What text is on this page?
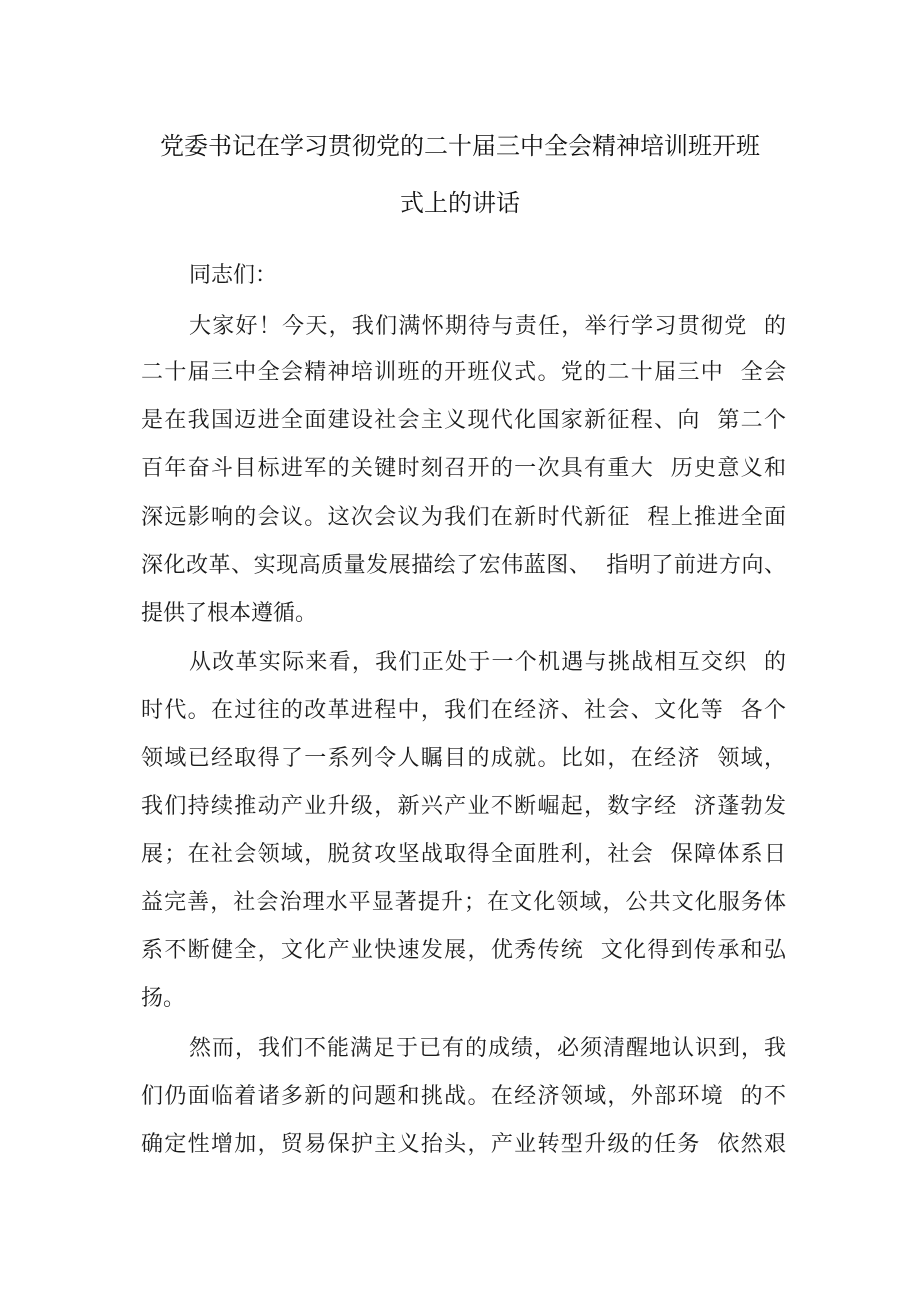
党委书记在学习贯彻党的二十届三中全会精神培训班开班
式上的讲话
同志们：
大家好！今天，我们满怀期待与责任，举行学习贯彻党  的
二十届三中全会精神培训班的开班仪式。党的二十届三中  全会
是在我国迈进全面建设社会主义现代化国家新征程、向  第二个
百年奋斗目标进军的关键时刻召开的一次具有重大  历史意义和
深远影响的会议。这次会议为我们在新时代新征  程上推进全面
深化改革、实现高质量发展描绘了宏伟蓝图、  指明了前进方向、
提供了根本遵循。
从改革实际来看，我们正处于一个机遇与挑战相互交织  的
时代。在过往的改革进程中，我们在经济、社会、文化等  各个
领域已经取得了一系列令人瞩目的成就。比如，在经济  领域，
我们持续推动产业升级，新兴产业不断崛起，数字经  济蓬勃发
展；在社会领域，脱贫攻坚战取得全面胜利，社会  保障体系日
益完善，社会治理水平显著提升；在文化领域，公共文化服务体
系不断健全，文化产业快速发展，优秀传统  文化得到传承和弘
扬。
然而，我们不能满足于已有的成绩，必须清醒地认识到，我
们仍面临着诸多新的问题和挑战。在经济领域，外部环境  的不
确定性增加，贸易保护主义抬头，产业转型升级的任务  依然艰
